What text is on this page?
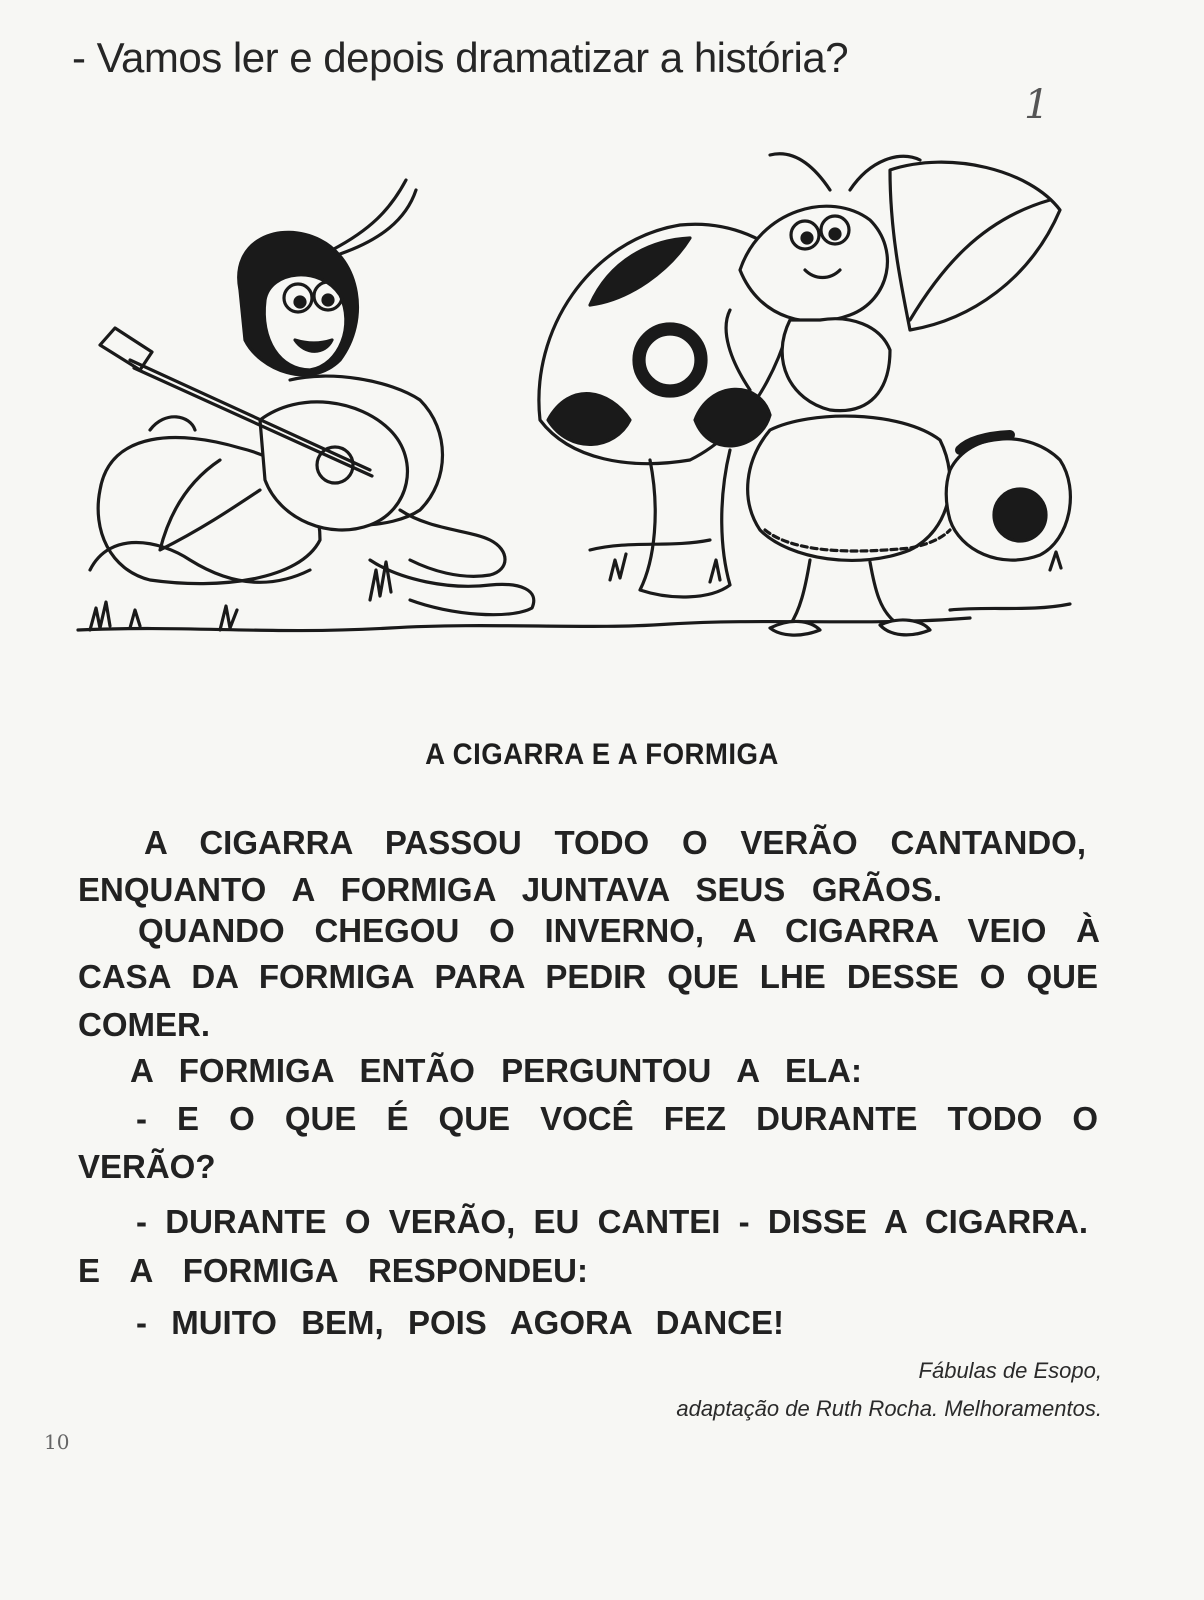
- Vamos ler e depois dramatizar a história?
1
A CIGARRA E A FORMIGA
A CIGARRA PASSOU TODO O VERÃO CANTANDO,
ENQUANTO A FORMIGA JUNTAVA SEUS GRÃOS.
QUANDO CHEGOU O INVERNO, A CIGARRA VEIO À
CASA DA FORMIGA PARA PEDIR QUE LHE DESSE O QUE
COMER.
A FORMIGA ENTÃO PERGUNTOU A ELA:
- E O QUE É QUE VOCÊ FEZ DURANTE TODO O
VERÃO?
- DURANTE O VERÃO, EU CANTEI - DISSE A CIGARRA.
E A FORMIGA RESPONDEU:
- MUITO BEM, POIS AGORA DANCE!
Fábulas de Esopo,
adaptação de Ruth Rocha. Melhoramentos.
10
